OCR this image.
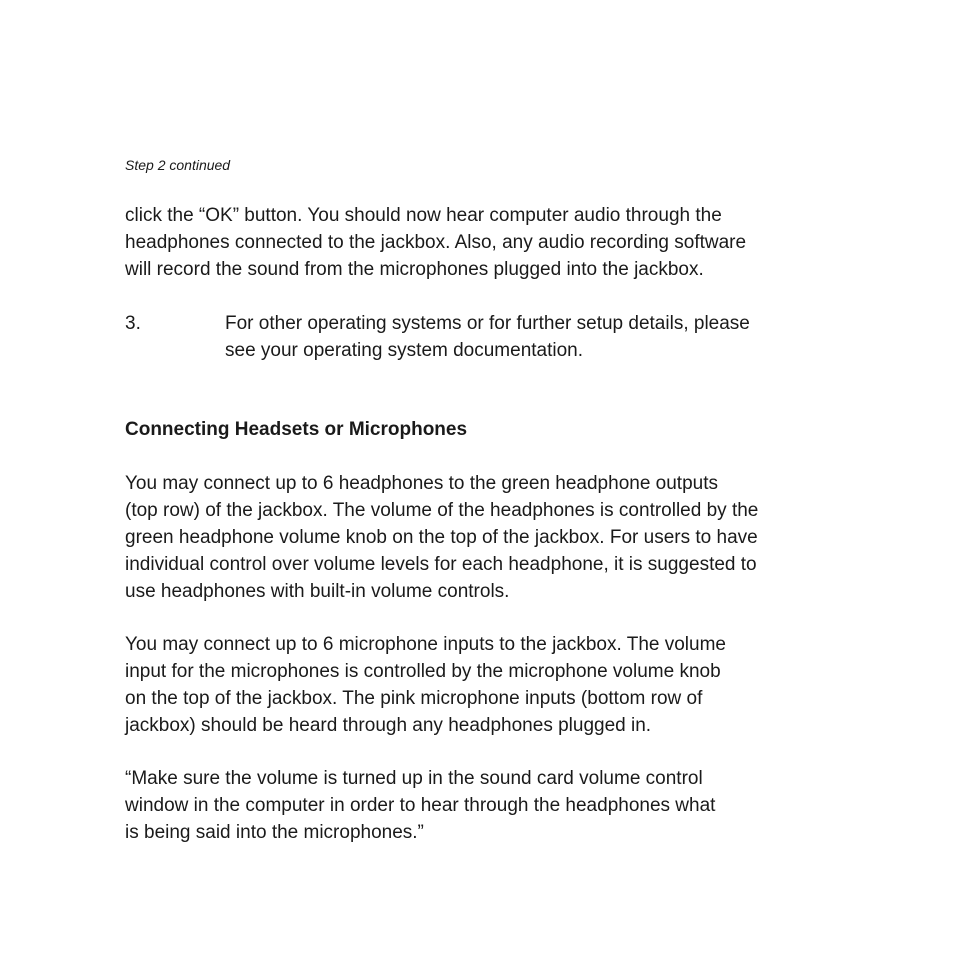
Step 2 continued

click the “OK” button. You should now hear computer audio through the
headphones connected to the jackbox. Also, any audio recording software
will record the sound from the microphones plugged into the jackbox.

3.	For other operating systems or for further setup details, please
see your operating system documentation.
Connecting Headsets or Microphones

You may connect up to 6 headphones to the green headphone outputs
(top row) of the jackbox. The volume of the headphones is controlled by the
green headphone volume knob on the top of the jackbox. For users to have
individual control over volume levels for each headphone, it is suggested to
use headphones with built-in volume controls.

You may connect up to 6 microphone inputs to the jackbox. The volume
input for the microphones is controlled by the microphone volume knob
on the top of the jackbox. The pink microphone inputs (bottom row of
jackbox) should be heard through any headphones plugged in.

“Make sure the volume is turned up in the sound card volume control
window in the computer in order to hear through the headphones what
is being said into the microphones.”
